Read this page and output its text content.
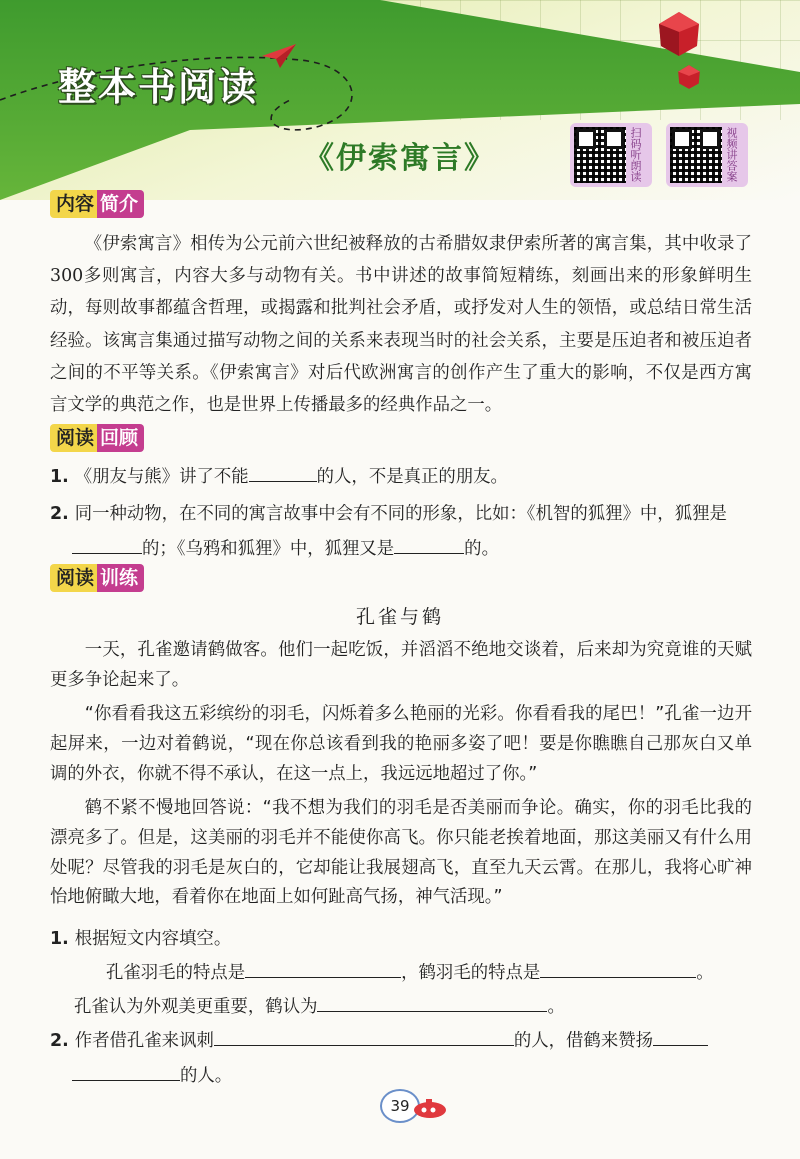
整本书阅读
《伊索寓言》	扫码听朗读	视频讲答案
内容 简介

《伊索寓言》相传为公元前六世纪被释放的古希腊奴隶伊索所著的寓言集，其中收录了300多则寓言，内容大多与动物有关。书中讲述的故事简短精练，刻画出来的形象鲜明生动，每则故事都蕴含哲理，或揭露和批判社会矛盾，或抒发对人生的领悟，或总结日常生活经验。该寓言集通过描写动物之间的关系来表现当时的社会关系，主要是压迫者和被压迫者之间的不平等关系。《伊索寓言》对后代欧洲寓言的创作产生了重大的影响，不仅是西方寓言文学的典范之作，也是世界上传播最多的经典作品之一。

阅读 回顾
1. 《朋友与熊》讲了不能	的人，不是真正的朋友。
2. 同一种动物，在不同的寓言故事中会有不同的形象，比如：《机智的狐狸》中，狐狸是
的；《乌鸦和狐狸》中，狐狸又是	的。
阅读 训练
孔雀与鹤

一天，孔雀邀请鹤做客。他们一起吃饭，并滔滔不绝地交谈着，后来却为究竟谁的天赋更多争论起来了。

“你看看我这五彩缤纷的羽毛，闪烁着多么艳丽的光彩。你看看我的尾巴！”孔雀一边开起屏来，一边对着鹤说，“现在你总该看到我的艳丽多姿了吧！要是你瞧瞧自己那灰白又单调的外衣，你就不得不承认，在这一点上，我远远地超过了你。”

鹤不紧不慢地回答说：“我不想为我们的羽毛是否美丽而争论。确实，你的羽毛比我的漂亮多了。但是，这美丽的羽毛并不能使你高飞。你只能老挨着地面，那这美丽又有什么用处呢？尽管我的羽毛是灰白的，它却能让我展翅高飞，直至九天云霄。在那儿，我将心旷神怡地俯瞰大地，看着你在地面上如何趾高气扬，神气活现。”

1. 根据短文内容填空。
孔雀羽毛的特点是	，鹤羽毛的特点是	。
孔雀认为外观美更重要，鹤认为	。
2. 作者借孔雀来讽刺	的人，借鹤来赞扬
的人。
39
